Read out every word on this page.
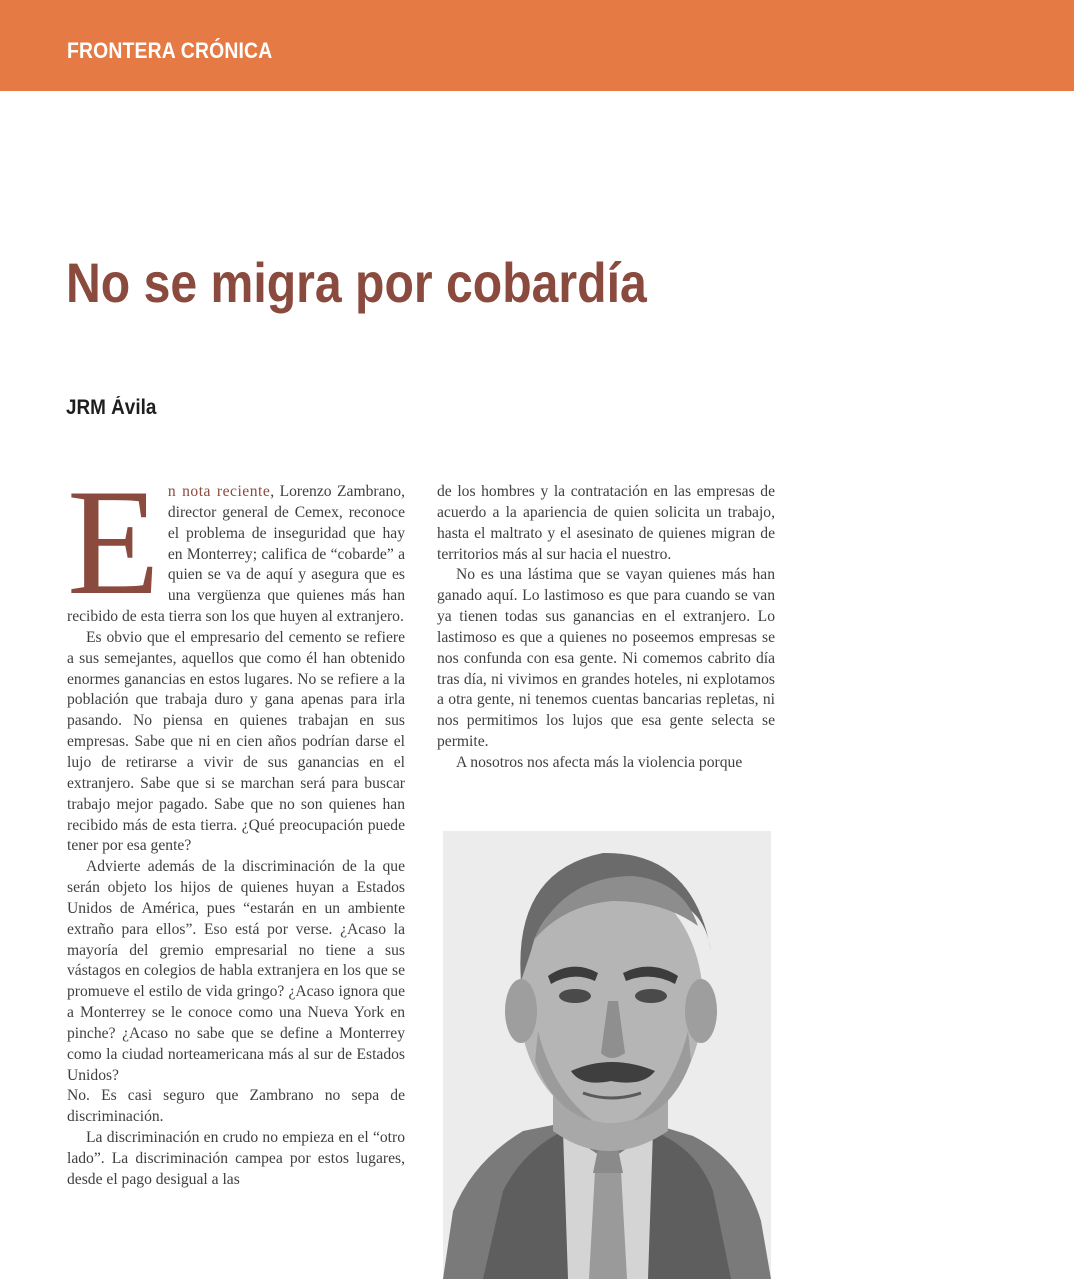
FRONTERA CRÓNICA
No se migra por cobardía
JRM Ávila

En nota reciente, Lorenzo Zambrano, director general de Cemex, reconoce el problema de inseguridad que hay en Monterrey; califica de “cobarde” a quien se va de aquí y asegura que es una vergüenza que quienes más han recibido de esta tierra son los que huyen al extranjero.

Es obvio que el empresario del cemento se refiere a sus semejantes, aquellos que como él han obtenido enormes ganancias en estos lugares. No se refiere a la población que trabaja duro y gana apenas para irla pasando. No piensa en quienes trabajan en sus empresas. Sabe que ni en cien años podrían darse el lujo de retirarse a vivir de sus ganancias en el extranjero. Sabe que si se marchan será para buscar trabajo mejor pagado. Sabe que no son quienes han recibido más de esta tierra. ¿Qué preocupación puede tener por esa gente?

Advierte además de la discriminación de la que serán objeto los hijos de quienes huyan a Estados Unidos de América, pues “estarán en un ambiente extraño para ellos”. Eso está por verse. ¿Acaso la mayoría del gremio empresarial no tiene a sus vástagos en colegios de habla extranjera en los que se promueve el estilo de vida gringo? ¿Acaso ignora que a Monterrey se le conoce como una Nueva York en pinche? ¿Acaso no sabe que se define a Monterrey como la ciudad norteamericana más al sur de Estados Unidos?

No. Es casi seguro que Zambrano no sepa de discriminación.

La discriminación en crudo no empieza en el “otro lado”. La discriminación campea por estos lugares, desde el pago desigual a las

de los hombres y la contratación en las empresas de acuerdo a la apariencia de quien solicita un trabajo, hasta el maltrato y el asesinato de quienes migran de territorios más al sur hacia el nuestro.

No es una lástima que se vayan quienes más han ganado aquí. Lo lastimoso es que para cuando se van ya tienen todas sus ganancias en el extranjero. Lo lastimoso es que a quienes no poseemos empresas se nos confunda con esa gente. Ni comemos cabrito día tras día, ni vivimos en grandes hoteles, ni explotamos a otra gente, ni tenemos cuentas bancarias repletas, ni nos permitimos los lujos que esa gente selecta se permite.

A nosotros nos afecta más la violencia porque
